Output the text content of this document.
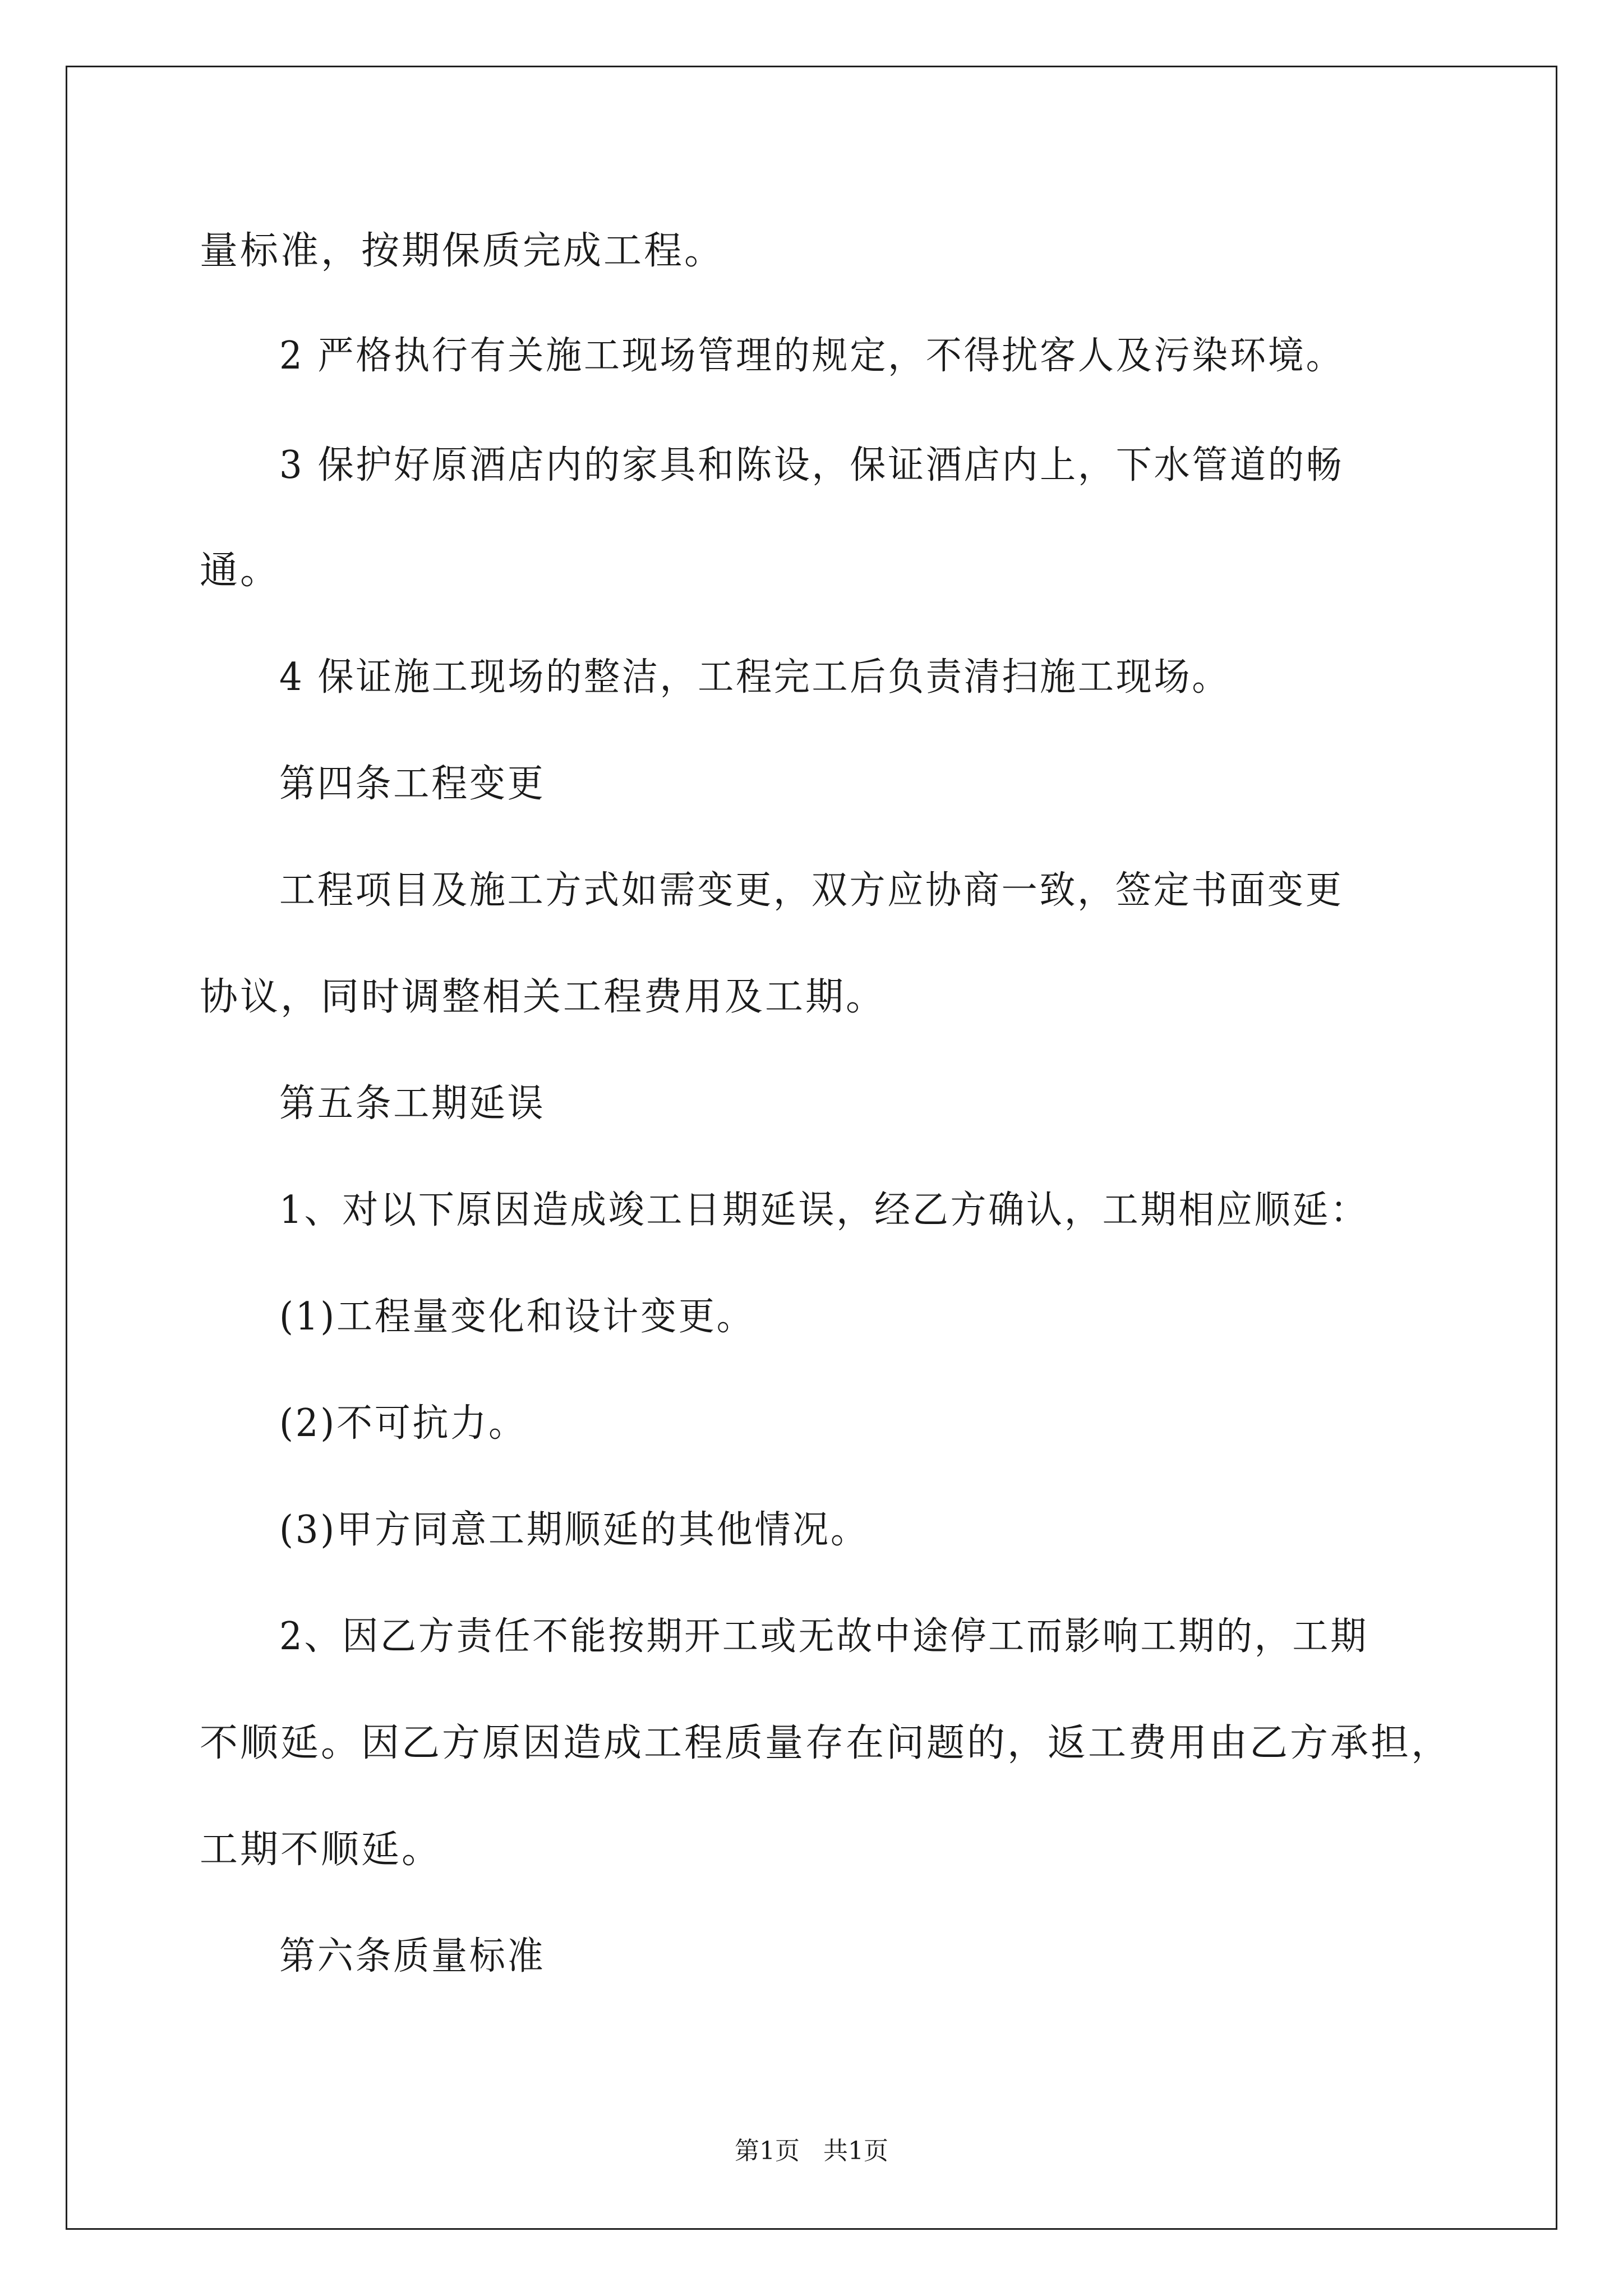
量标准，按期保质完成工程。

2 严格执行有关施工现场管理的规定，不得扰客人及污染环境。

3 保护好原酒店内的家具和陈设，保证酒店内上，下水管道的畅

通。

4 保证施工现场的整洁，工程完工后负责清扫施工现场。

第四条工程变更

工程项目及施工方式如需变更，双方应协商一致，签定书面变更

协议，同时调整相关工程费用及工期。

第五条工期延误

1、对以下原因造成竣工日期延误，经乙方确认，工期相应顺延：

(1)工程量变化和设计变更。

(2)不可抗力。

(3)甲方同意工期顺延的其他情况。

2、因乙方责任不能按期开工或无故中途停工而影响工期的，工期

不顺延。因乙方原因造成工程质量存在问题的，返工费用由乙方承担，

工期不顺延。

第六条质量标准

第1页   共1页
